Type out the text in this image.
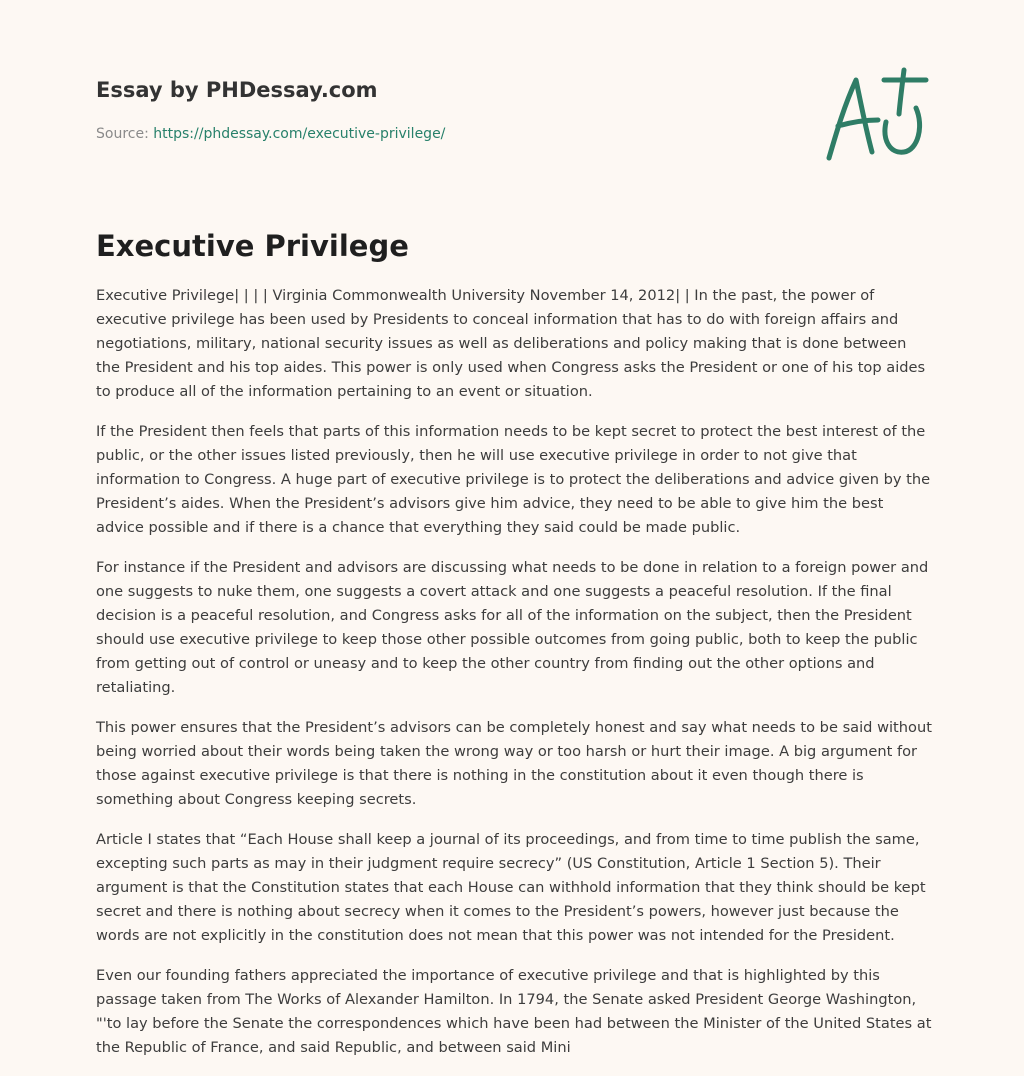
Essay by PHDessay.com
Source: https://phdessay.com/executive-privilege/
Executive Privilege

Executive Privilege| | | | Virginia Commonwealth University November 14, 2012| | In the past, the power of executive privilege has been used by Presidents to conceal information that has to do with foreign affairs and negotiations, military, national security issues as well as deliberations and policy making that is done between the President and his top aides. This power is only used when Congress asks the President or one of his top aides to produce all of the information pertaining to an event or situation.

If the President then feels that parts of this information needs to be kept secret to protect the best interest of the public, or the other issues listed previously, then he will use executive privilege in order to not give that information to Congress. A huge part of executive privilege is to protect the deliberations and advice given by the President’s aides. When the President’s advisors give him advice, they need to be able to give him the best advice possible and if there is a chance that everything they said could be made public.

For instance if the President and advisors are discussing what needs to be done in relation to a foreign power and one suggests to nuke them, one suggests a covert attack and one suggests a peaceful resolution. If the final decision is a peaceful resolution, and Congress asks for all of the information on the subject, then the President should use executive privilege to keep those other possible outcomes from going public, both to keep the public from getting out of control or uneasy and to keep the other country from finding out the other options and retaliating.

This power ensures that the President’s advisors can be completely honest and say what needs to be said without being worried about their words being taken the wrong way or too harsh or hurt their image. A big argument for those against executive privilege is that there is nothing in the constitution about it even though there is something about Congress keeping secrets.

Article I states that “Each House shall keep a journal of its proceedings, and from time to time publish the same, excepting such parts as may in their judgment require secrecy” (US Constitution, Article 1 Section 5). Their argument is that the Constitution states that each House can withhold information that they think should be kept secret and there is nothing about secrecy when it comes to the President’s powers, however just because the words are not explicitly in the constitution does not mean that this power was not intended for the President.

Even our founding fathers appreciated the importance of executive privilege and that is highlighted by this passage taken from The Works of Alexander Hamilton. In 1794, the Senate asked President George Washington, "'to lay before the Senate the correspondences which have been had between the Minister of the United States at the Republic of France, and said Republic, and between said Mini
